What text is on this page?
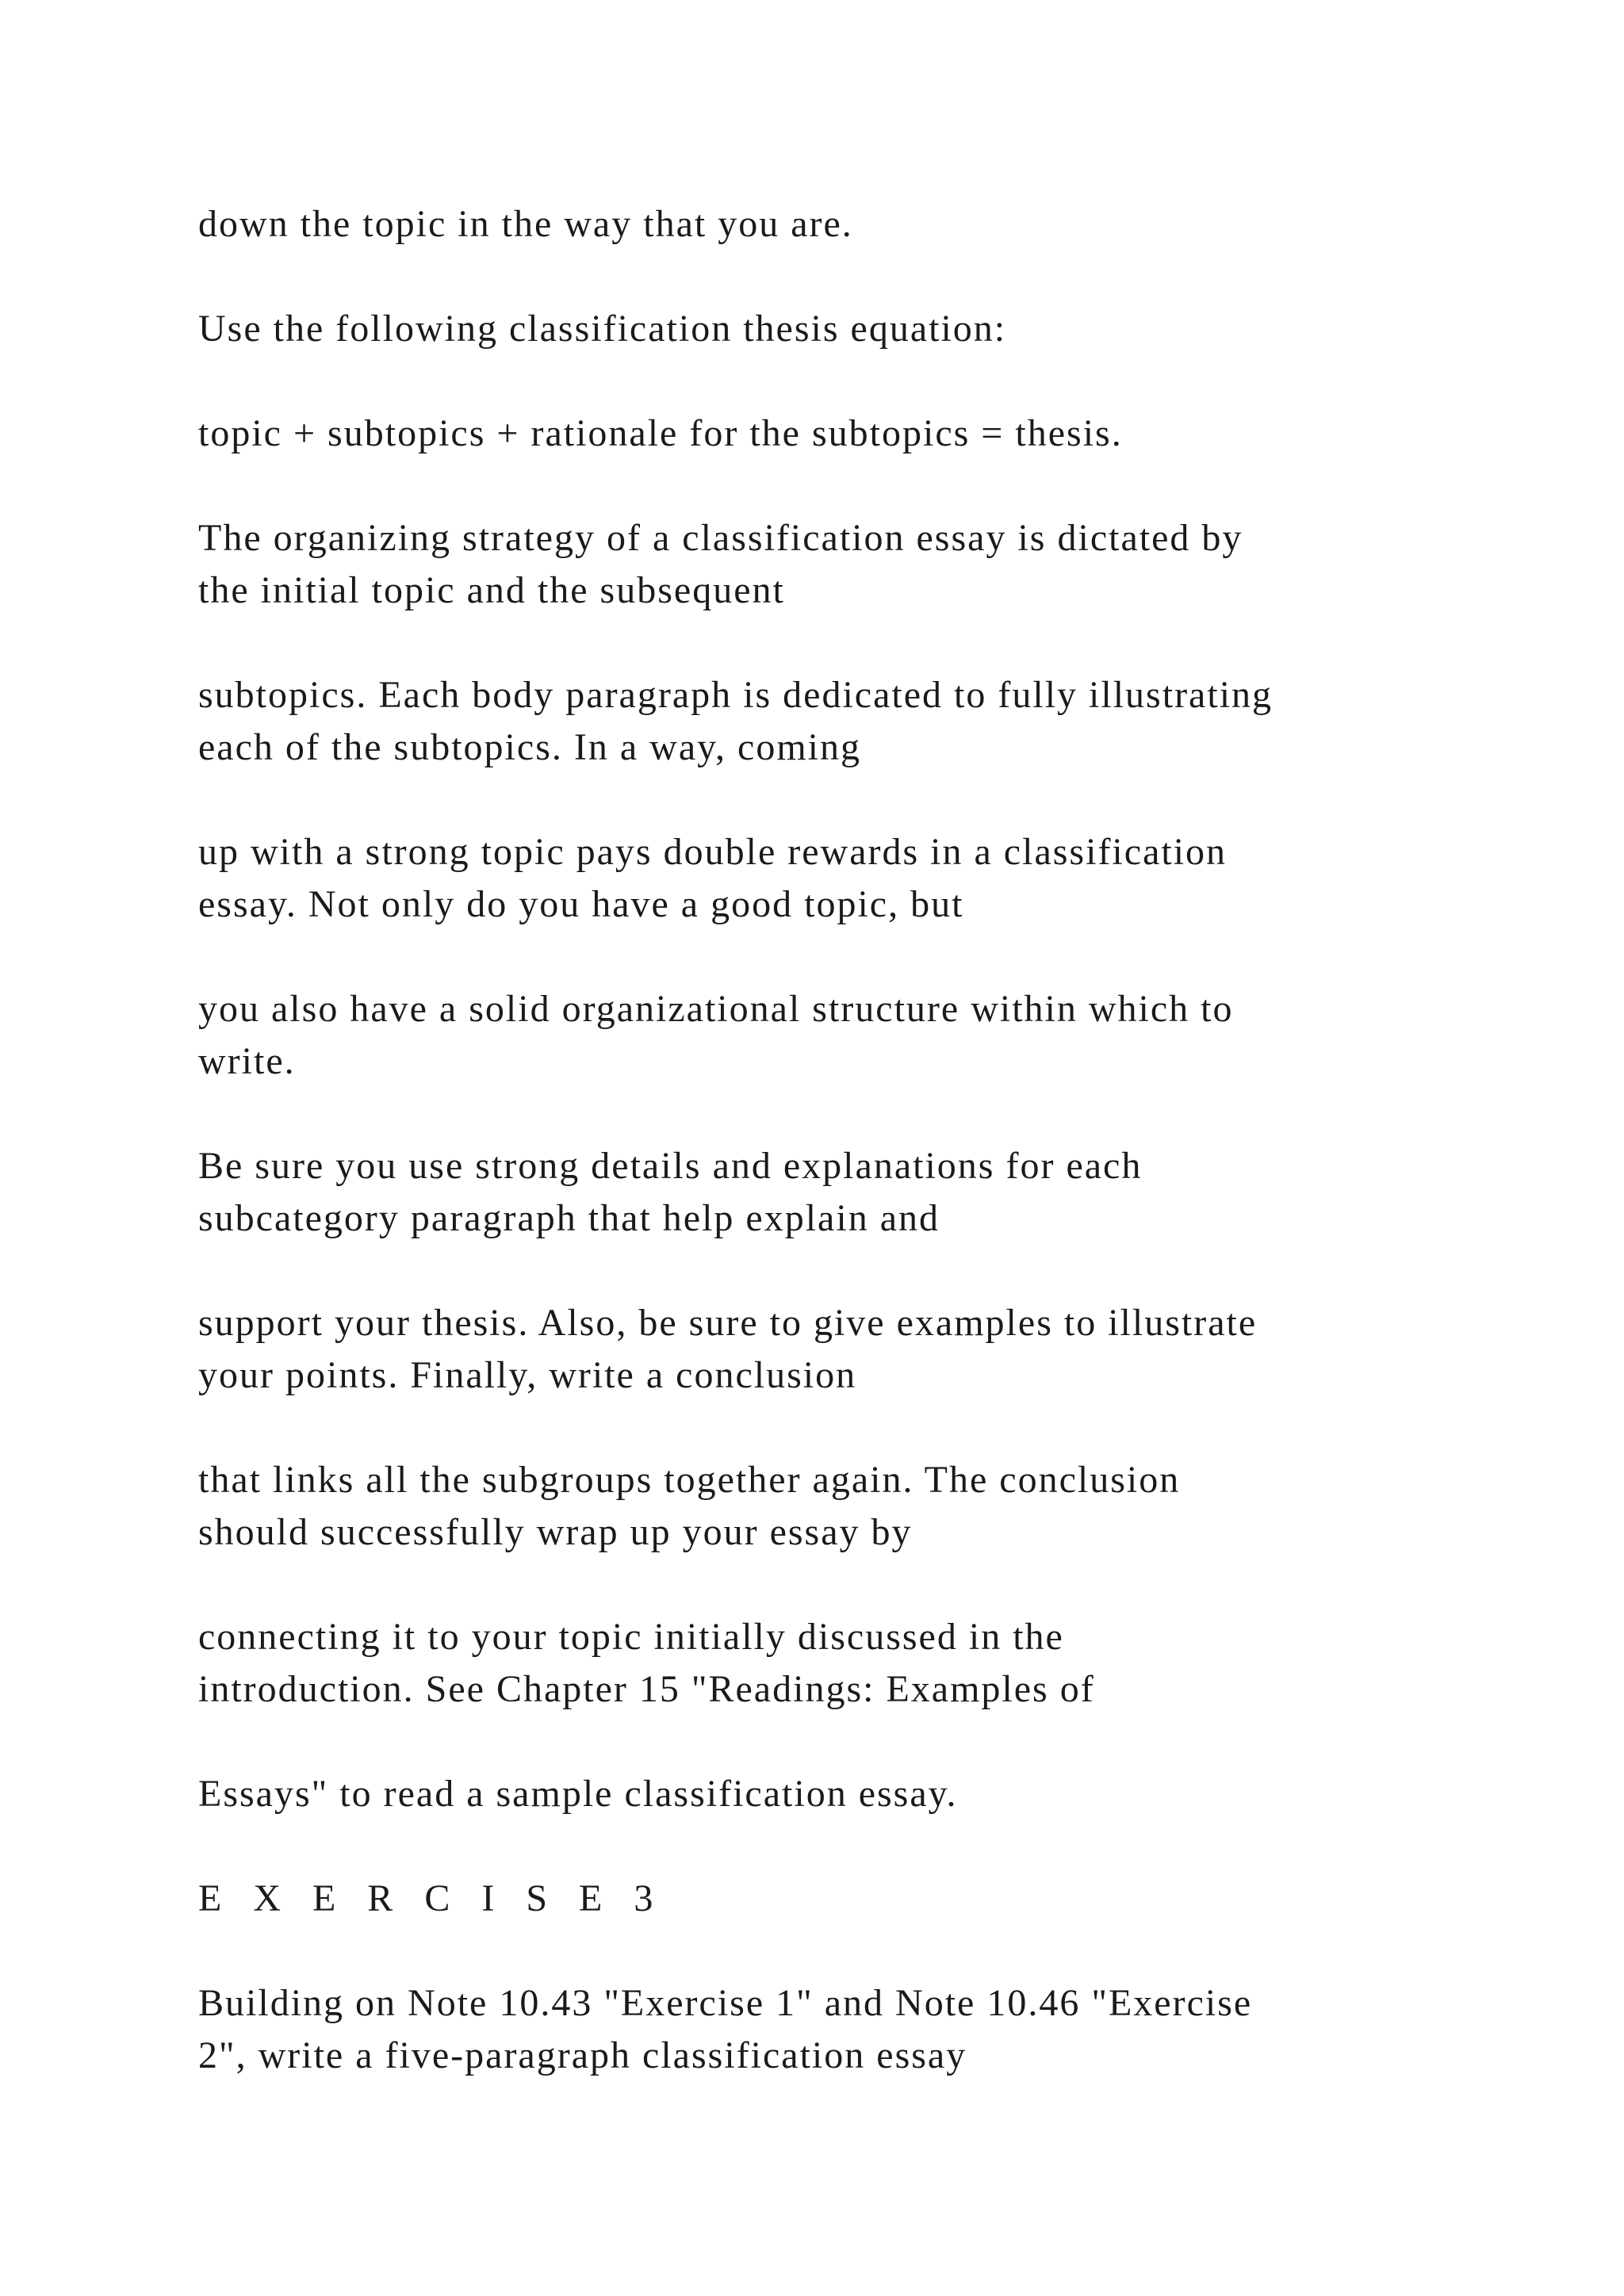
down the topic in the way that you are.

Use the following classification thesis equation:

topic + subtopics + rationale for the subtopics = thesis.

The organizing strategy of a classification essay is dictated by
the initial topic and the subsequent

subtopics. Each body paragraph is dedicated to fully illustrating
each of the subtopics. In a way, coming

up with a strong topic pays double rewards in a classification
essay. Not only do you have a good topic, but

you also have a solid organizational structure within which to
write.

Be sure you use strong details and explanations for each
subcategory paragraph that help explain and

support your thesis. Also, be sure to give examples to illustrate
your points. Finally, write a conclusion

that links all the subgroups together again. The conclusion
should successfully wrap up your essay by

connecting it to your topic initially discussed in the
introduction. See Chapter 15 "Readings: Examples of

Essays" to read a sample classification essay.

E X E R C I S E 3

Building on Note 10.43 "Exercise 1" and Note 10.46 "Exercise
2", write a five-paragraph classification essay
